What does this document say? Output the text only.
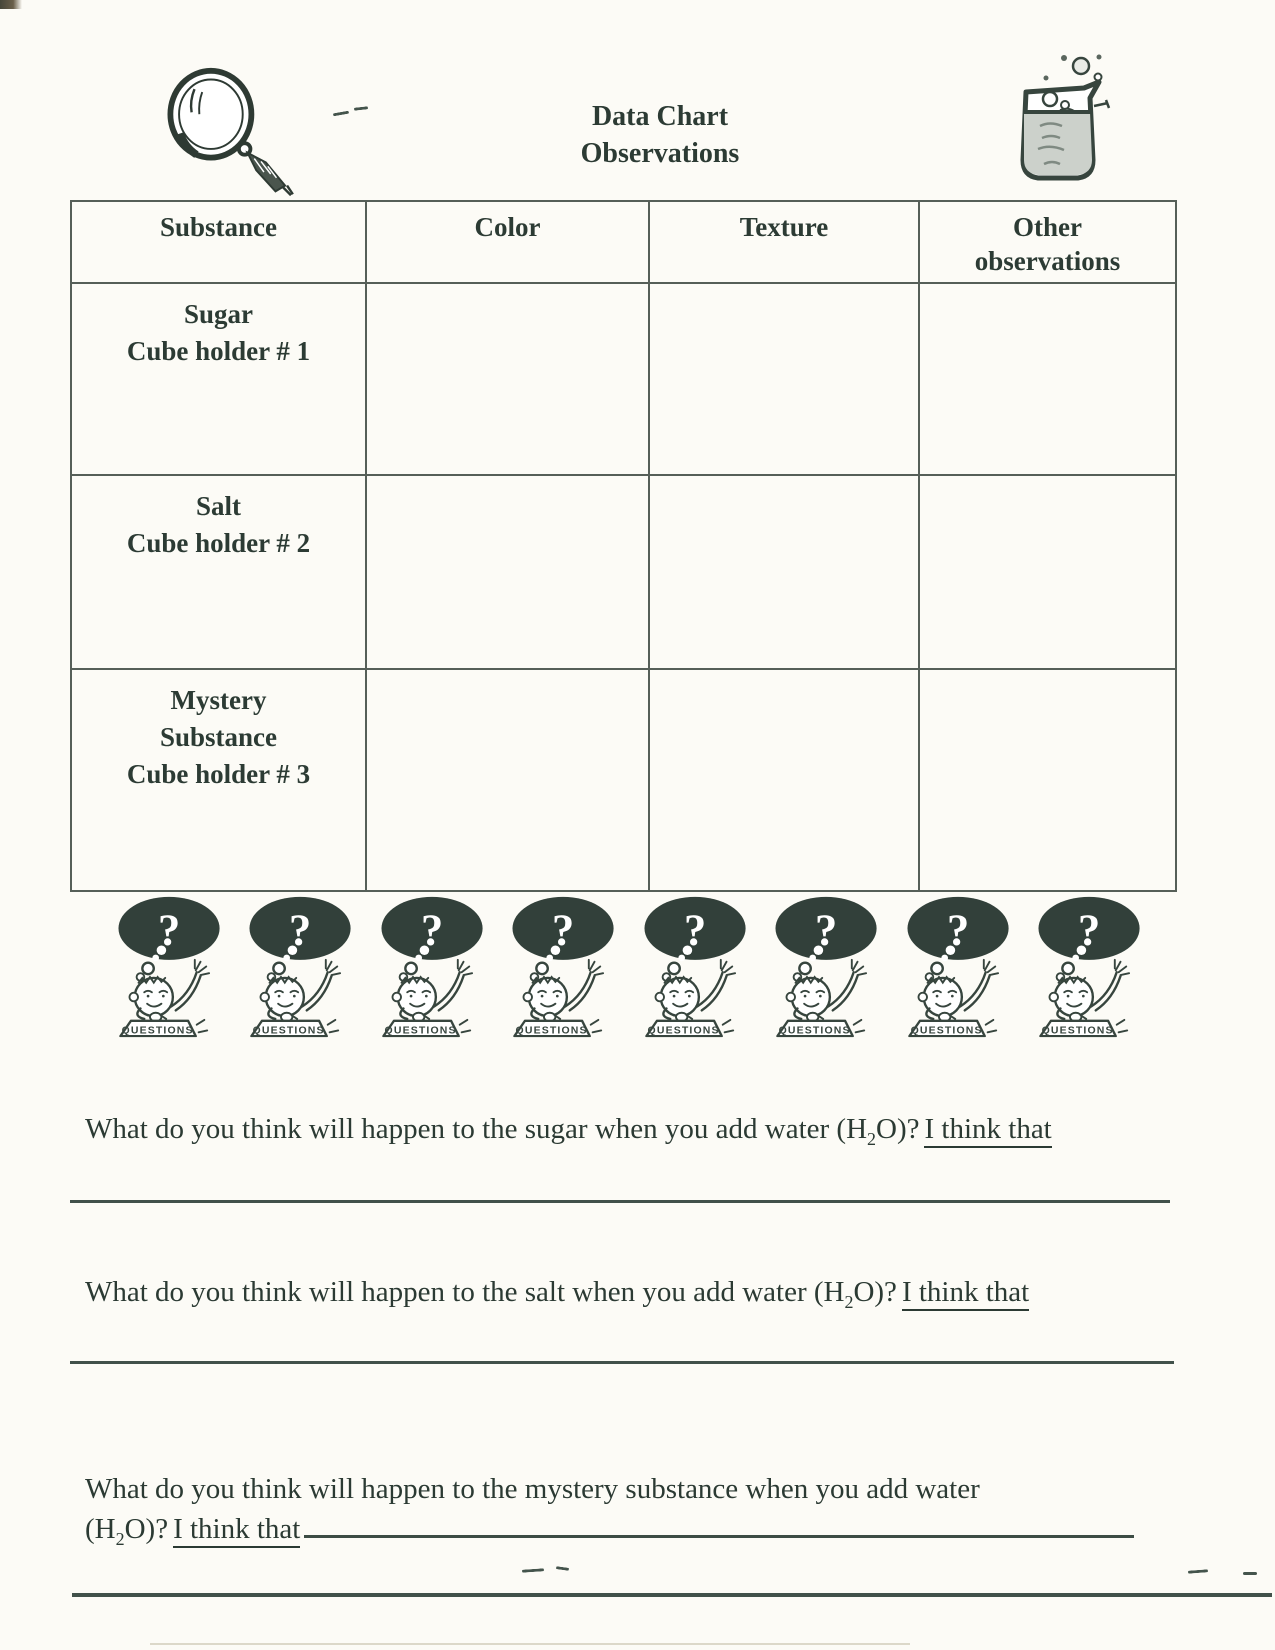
Data Chart
Observations
Substance	Color	Texture	Other observations

Sugar
Cube holder # 1			

Salt
Cube holder # 2			

Mystery
Substance
Cube holder # 3			

What do you think will happen to the sugar when you add water $(H_2O)$? I think that

What do you think will happen to the salt when you add water $(H_2O)$? I think that

What do you think will happen to the mystery substance when you add water
$(H_2O)$? I think that
